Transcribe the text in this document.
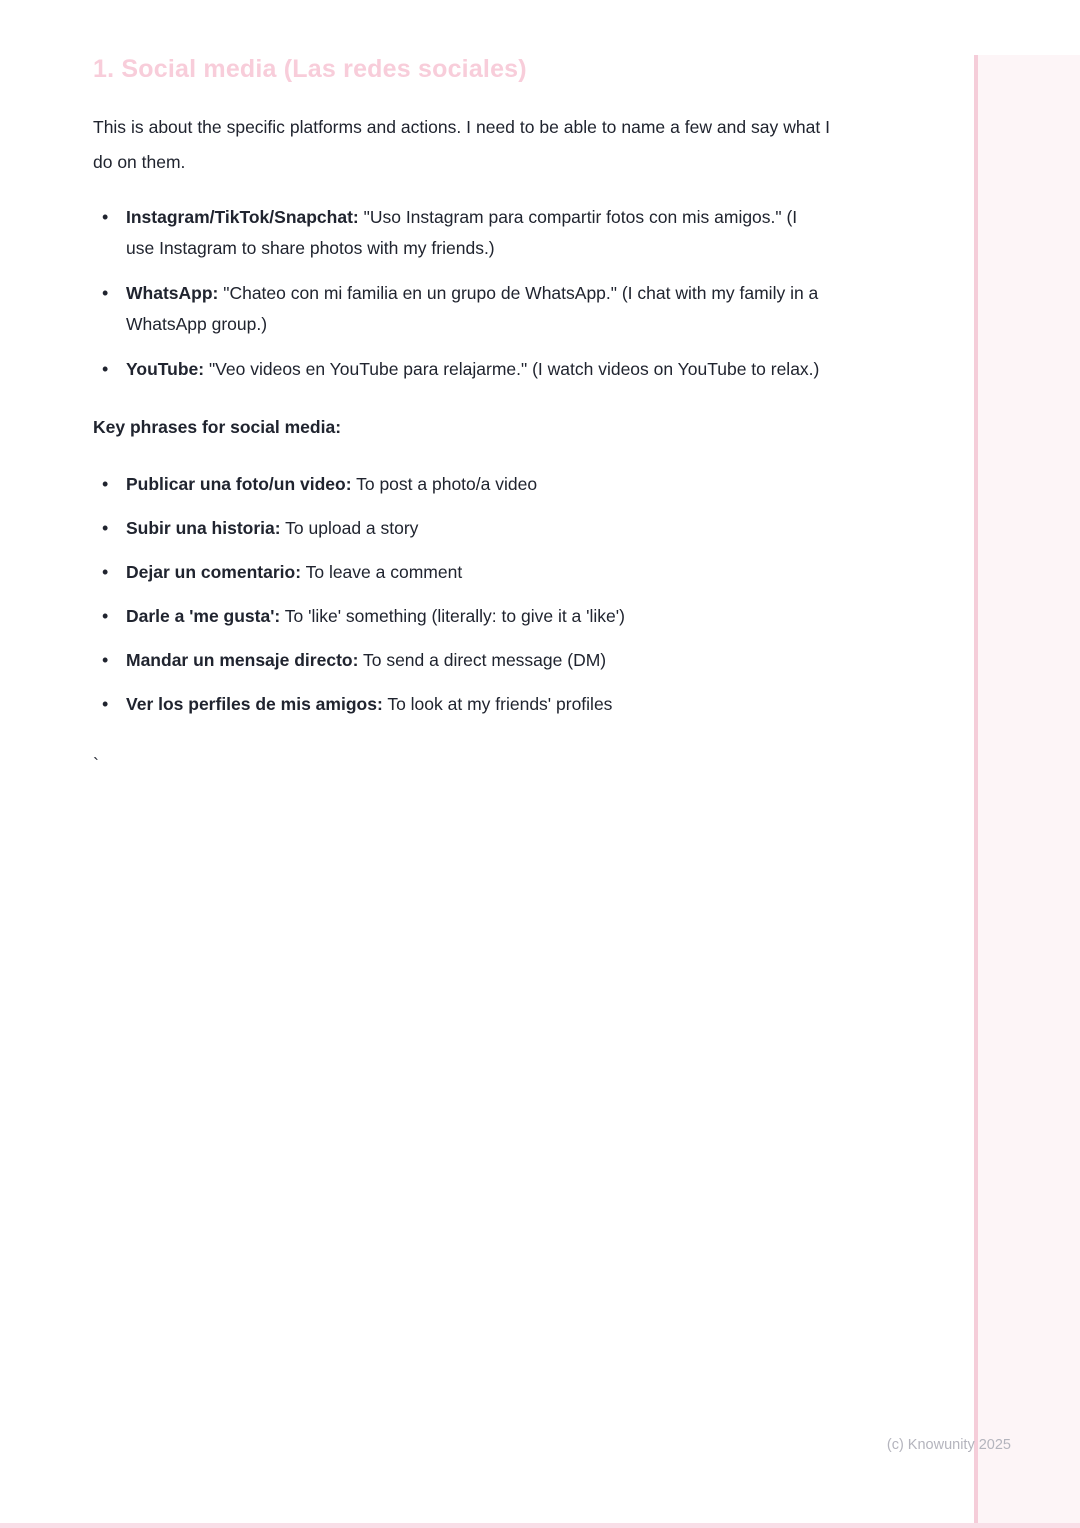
1. Social media (Las redes sociales)

This is about the specific platforms and actions. I need to be able to name a few and say what I do on them.

• Instagram/TikTok/Snapchat: "Uso Instagram para compartir fotos con mis amigos." (I use Instagram to share photos with my friends.)
• WhatsApp: "Chateo con mi familia en un grupo de WhatsApp." (I chat with my family in a WhatsApp group.)
• YouTube: "Veo videos en YouTube para relajarme." (I watch videos on YouTube to relax.)
Key phrases for social media:
• Publicar una foto/un video: To post a photo/a video
• Subir una historia: To upload a story
• Dejar un comentario: To leave a comment
• Darle a 'me gusta': To 'like' something (literally: to give it a 'like')
• Mandar un mensaje directo: To send a direct message (DM)
• Ver los perfiles de mis amigos: To look at my friends' profiles
`
(c) Knowunity 2025
